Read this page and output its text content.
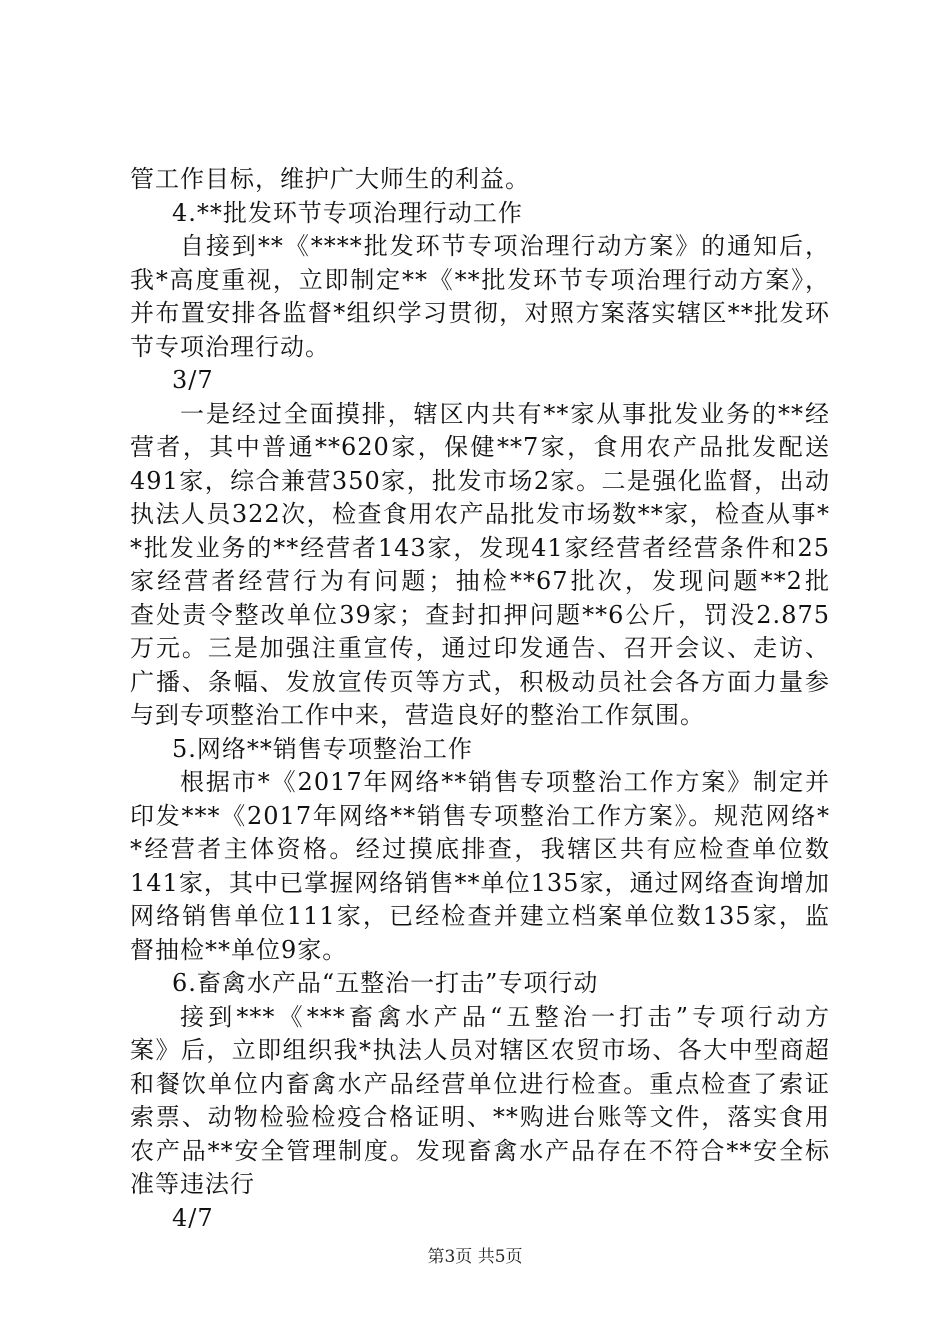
管工作目标，维护广大师生的利益。
4.**批发环节专项治理行动工作
自接到**《****批发环节专项治理行动方案》的通知后，
我*高度重视，立即制定**《**批发环节专项治理行动方案》，
并布置安排各监督*组织学习贯彻，对照方案落实辖区**批发环
节专项治理行动。
3/7
一是经过全面摸排，辖区内共有**家从事批发业务的**经
营者，其中普通**620家，保健**7家，食用农产品批发配送
491家，综合兼营350家，批发市场2家。二是强化监督，出动
执法人员322次，检查食用农产品批发市场数**家，检查从事*
*批发业务的**经营者143家，发现41家经营者经营条件和25
家经营者经营行为有问题；抽检**67批次，发现问题**2批
查处责令整改单位39家；查封扣押问题**6公斤，罚没2.875
万元。三是加强注重宣传，通过印发通告、召开会议、走访、
广播、条幅、发放宣传页等方式，积极动员社会各方面力量参
与到专项整治工作中来，营造良好的整治工作氛围。
5.网络**销售专项整治工作
根据市*《2017年网络**销售专项整治工作方案》制定并
印发***《2017年网络**销售专项整治工作方案》。规范网络*
*经营者主体资格。经过摸底排查，我辖区共有应检查单位数
141家，其中已掌握网络销售**单位135家，通过网络查询增加
网络销售单位111家，已经检查并建立档案单位数135家，监
督抽检**单位9家。
6.畜禽水产品“五整治一打击”专项行动
接到***《***畜禽水产品“五整治一打击”专项行动方
案》后，立即组织我*执法人员对辖区农贸市场、各大中型商超
和餐饮单位内畜禽水产品经营单位进行检查。重点检查了索证
索票、动物检验检疫合格证明、**购进台账等文件，落实食用
农产品**安全管理制度。发现畜禽水产品存在不符合**安全标
准等违法行
4/7
第3页 共5页
